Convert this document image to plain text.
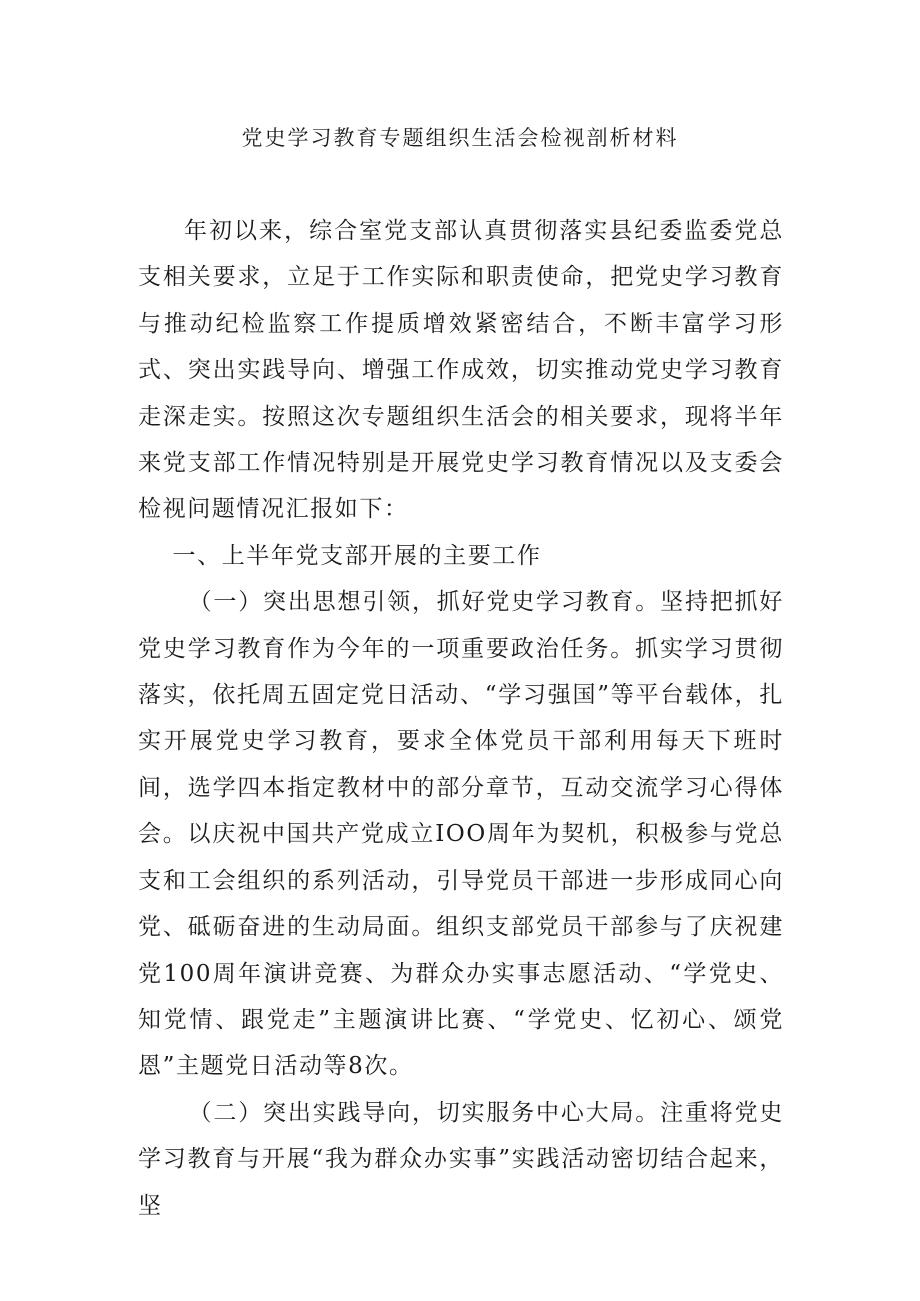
党史学习教育专题组织生活会检视剖析材料

年初以来，综合室党支部认真贯彻落实县纪委监委党总支相关要求，立足于工作实际和职责使命，把党史学习教育与推动纪检监察工作提质增效紧密结合，不断丰富学习形式、突出实践导向、增强工作成效，切实推动党史学习教育走深走实。按照这次专题组织生活会的相关要求，现将半年来党支部工作情况特别是开展党史学习教育情况以及支委会检视问题情况汇报如下：

一、上半年党支部开展的主要工作

（一）突出思想引领，抓好党史学习教育。坚持把抓好党史学习教育作为今年的一项重要政治任务。抓实学习贯彻落实，依托周五固定党日活动、“学习强国”等平台载体，扎实开展党史学习教育，要求全体党员干部利用每天下班时间，选学四本指定教材中的部分章节，互动交流学习心得体会。以庆祝中国共产党成立IOO周年为契机，积极参与党总支和工会组织的系列活动，引导党员干部进一步形成同心向党、砥砺奋进的生动局面。组织支部党员干部参与了庆祝建党100周年演讲竞赛、为群众办实事志愿活动、“学党史、知党情、跟党走”主题演讲比赛、“学党史、忆初心、颂党恩”主题党日活动等8次。

（二）突出实践导向，切实服务中心大局。注重将党史学习教育与开展“我为群众办实事”实践活动密切结合起来，坚
